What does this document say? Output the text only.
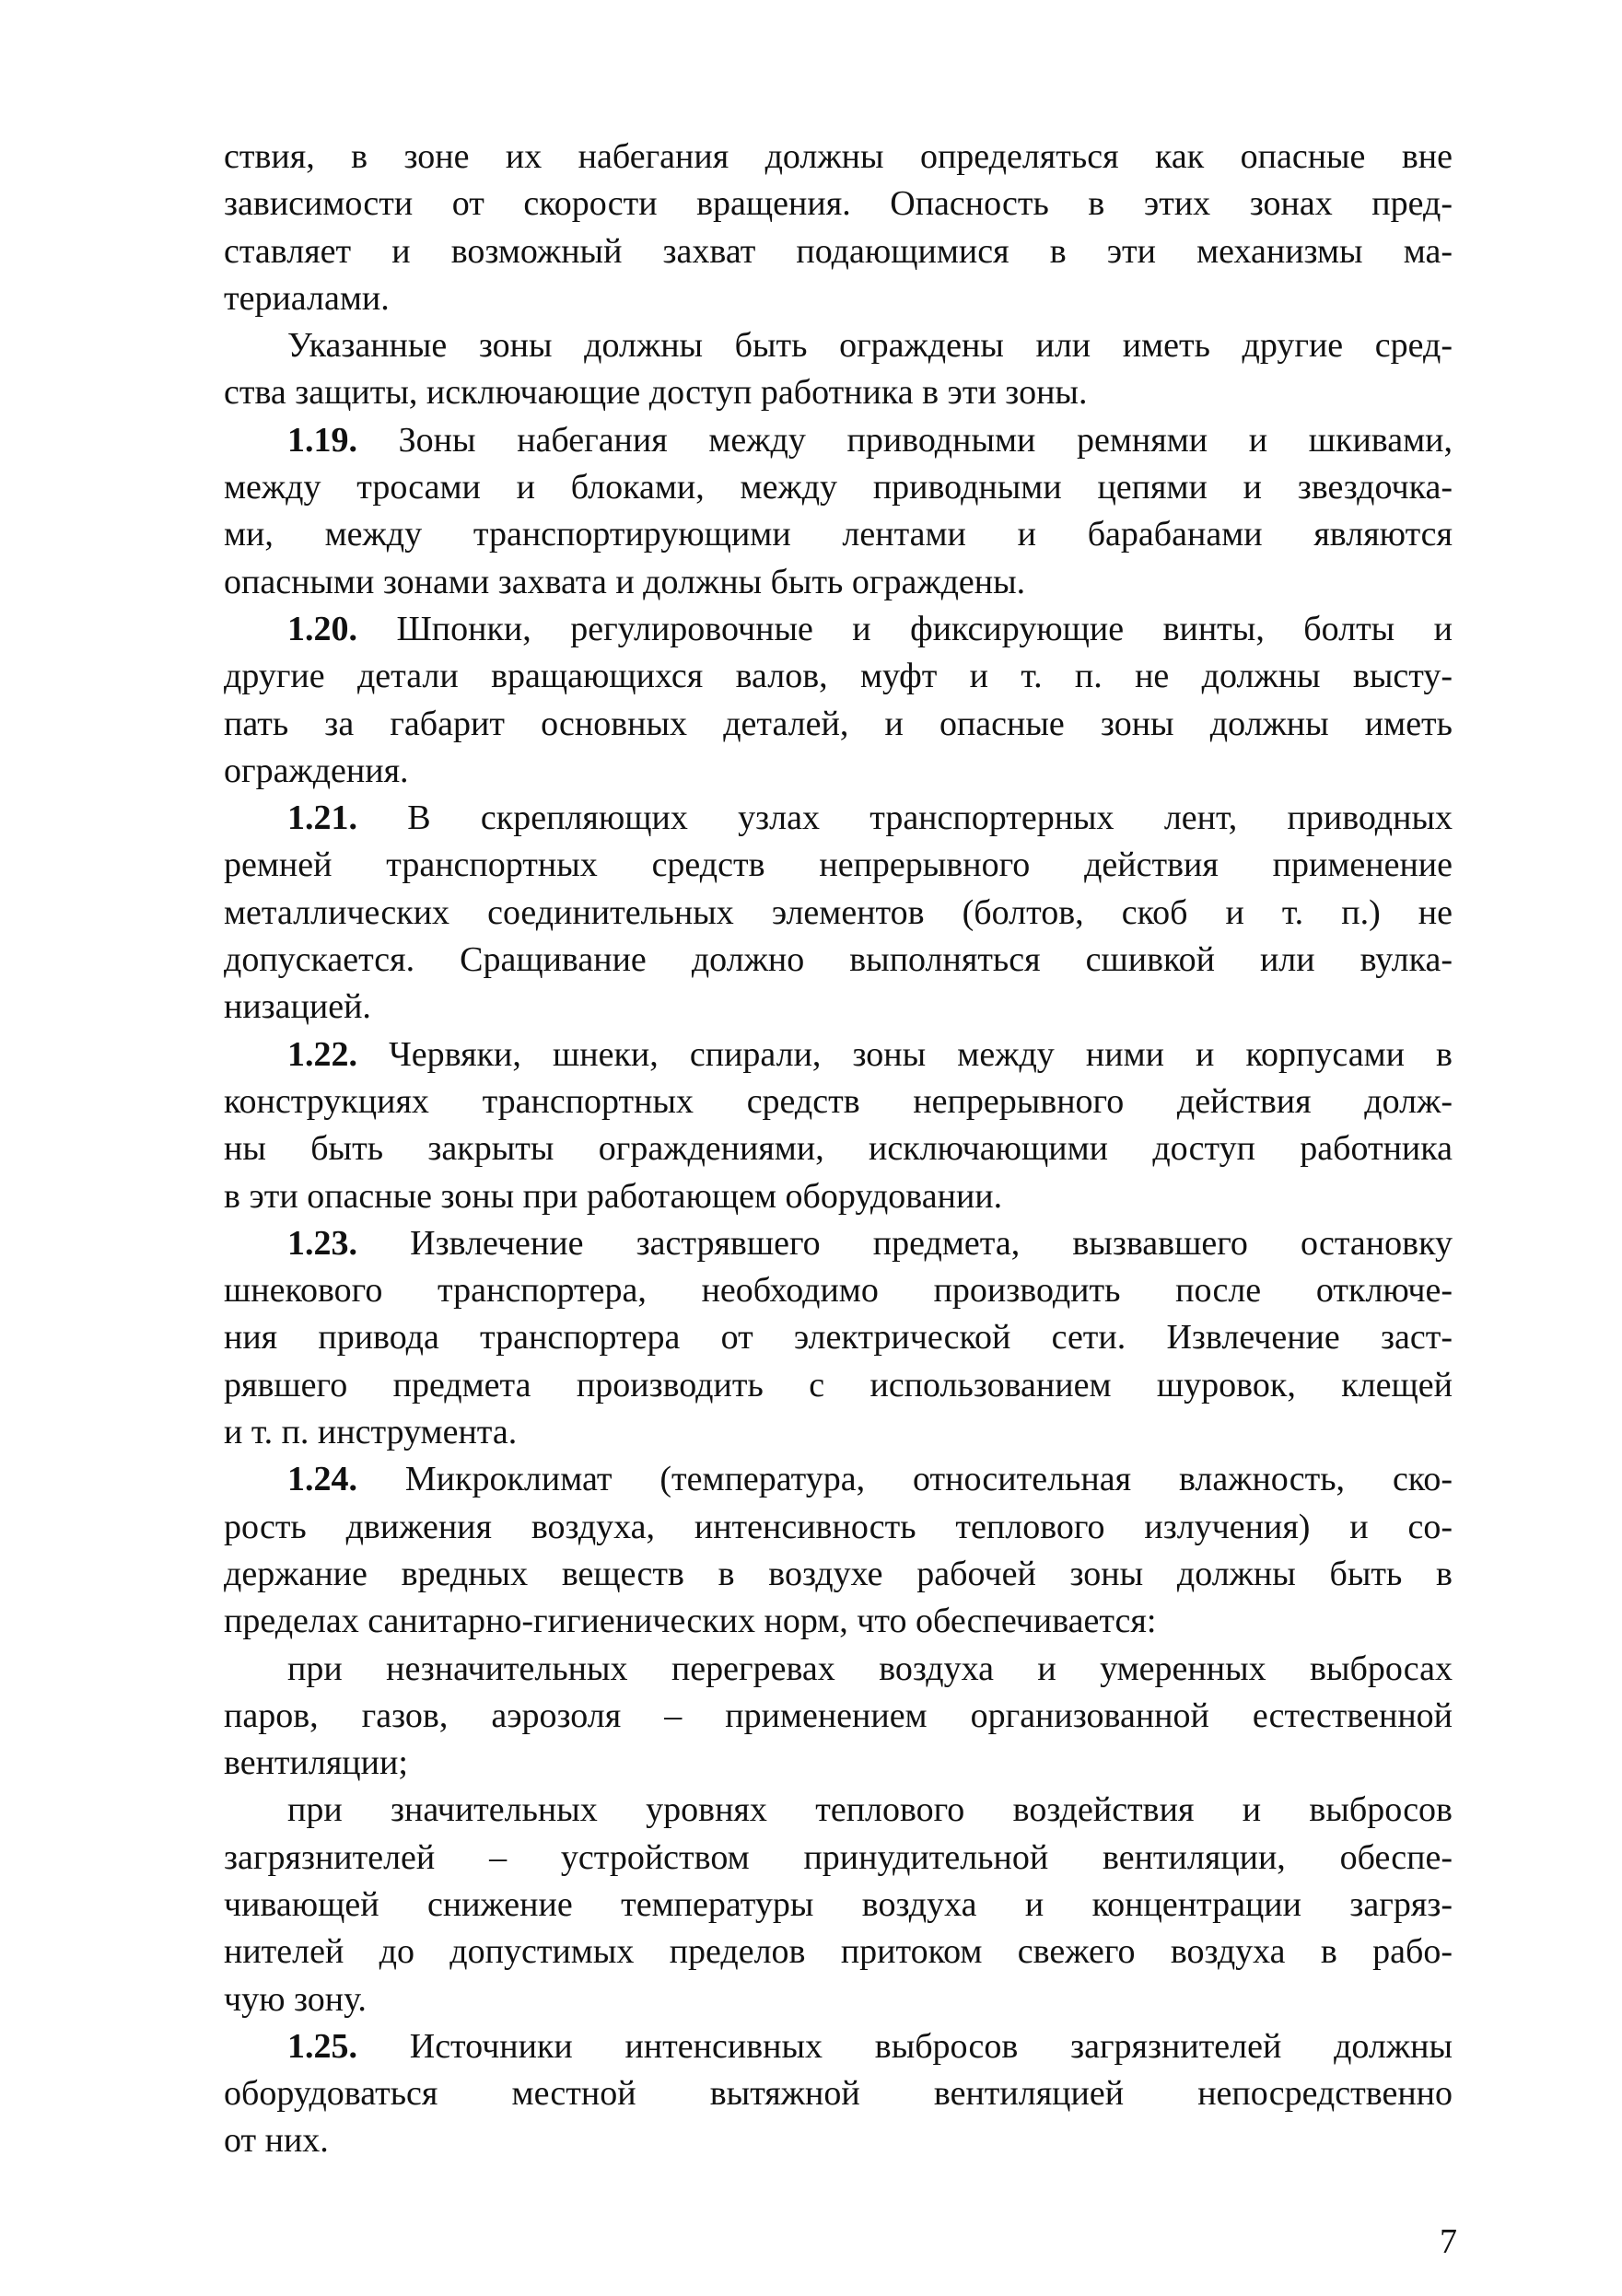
ствия, в зоне их набегания должны определяться как опасные вне
зависимости от скорости вращения. Опасность в этих зонах пред-
ставляет и возможный захват подающимися в эти механизмы ма-
териалами.
Указанные зоны должны быть ограждены или иметь другие сред-
ства защиты, исключающие доступ работника в эти зоны.
1.19. Зоны набегания между приводными ремнями и шкивами,
между тросами и блоками, между приводными цепями и звездочка-
ми, между транспортирующими лентами и барабанами являются
опасными зонами захвата и должны быть ограждены.
1.20. Шпонки, регулировочные и фиксирующие винты, болты и
другие детали вращающихся валов, муфт и т. п. не должны высту-
пать за габарит основных деталей, и опасные зоны должны иметь
ограждения.
1.21. В скрепляющих узлах транспортерных лент, приводных
ремней транспортных средств непрерывного действия применение
металлических соединительных элементов (болтов, скоб и т. п.) не
допускается. Сращивание должно выполняться сшивкой или вулка-
низацией.
1.22. Червяки, шнеки, спирали, зоны между ними и корпусами в
конструкциях транспортных средств непрерывного действия долж-
ны быть закрыты ограждениями, исключающими доступ работника
в эти опасные зоны при работающем оборудовании.
1.23. Извлечение застрявшего предмета, вызвавшего остановку
шнекового транспортера, необходимо производить после отключе-
ния привода транспортера от электрической сети. Извлечение заст-
рявшего предмета производить с использованием шуровок, клещей
и т. п. инструмента.
1.24. Микроклимат (температура, относительная влажность, ско-
рость движения воздуха, интенсивность теплового излучения) и со-
держание вредных веществ в воздухе рабочей зоны должны быть в
пределах санитарно-гигиенических норм, что обеспечивается:
при незначительных перегревах воздуха и умеренных выбросах
паров, газов, аэрозоля – применением организованной естественной
вентиляции;
при значительных уровнях теплового воздействия и выбросов
загрязнителей – устройством принудительной вентиляции, обеспе-
чивающей снижение температуры воздуха и концентрации загряз-
нителей до допустимых пределов притоком свежего воздуха в рабо-
чую зону.
1.25. Источники интенсивных выбросов загрязнителей должны
оборудоваться местной вытяжной вентиляцией непосредственно
от них.
7
